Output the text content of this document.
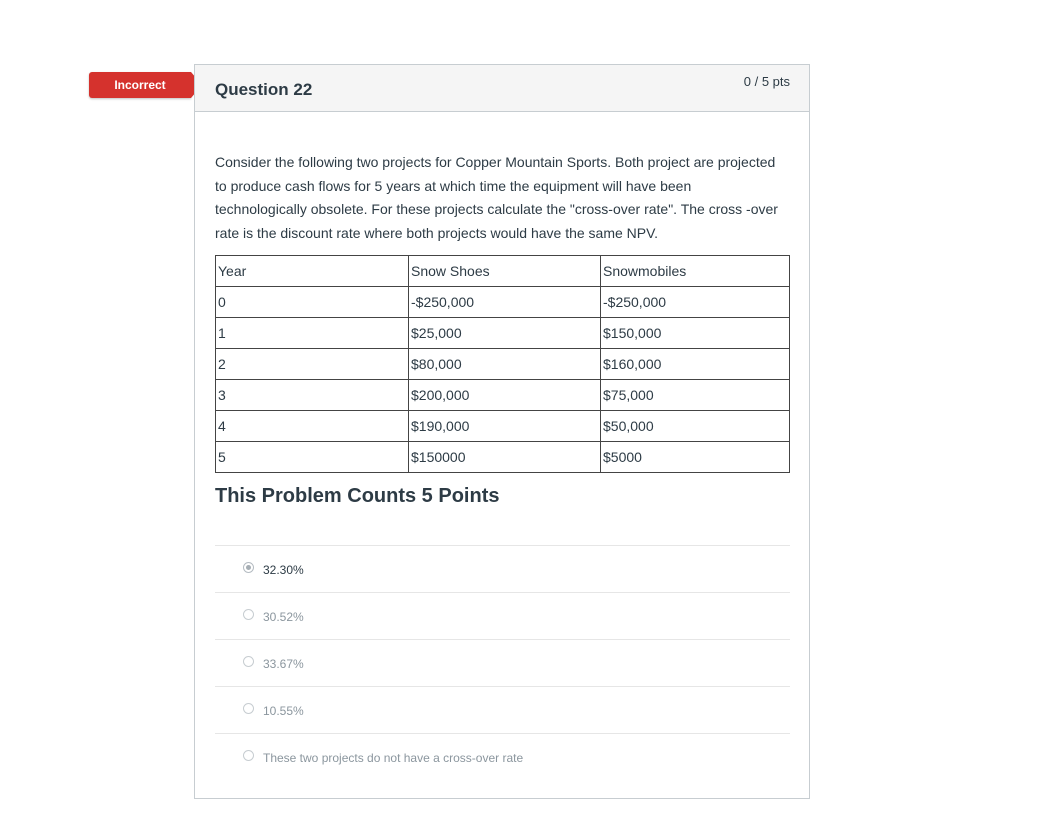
Incorrect	Question 22	0 / 5 pts
Consider the following two projects for Copper Mountain Sports. Both project are projected to produce cash flows for 5 years at which time the equipment will have been technologically obsolete. For these projects calculate the "cross-over rate". The cross -over rate is the discount rate where both projects would have the same NPV.
Year	Snow Shoes	Snowmobiles
0	-$250,000	-$250,000
1	$25,000	$150,000
2	$80,000	$160,000
3	$200,000	$75,000
4	$190,000	$50,000
5	$150000	$5000
This Problem Counts 5 Points
32.30%
30.52%
33.67%
10.55%
These two projects do not have a cross-over rate
